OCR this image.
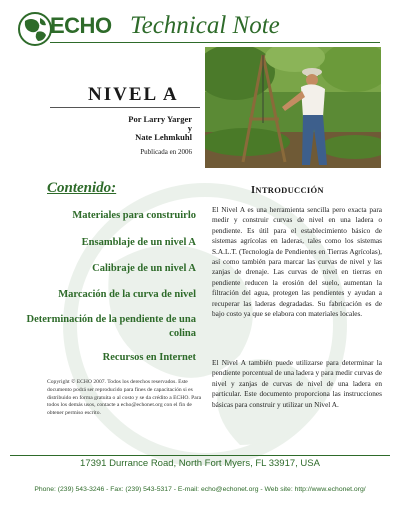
ECHO Technical Note
NIVEL A
Por Larry Yarger
y
Nate Lehmkuhl
Publicada en 2006
Contenido:
Materiales para construirlo
Ensamblaje de un nivel A
Calibraje de un nivel A
Marcación de la curva de nivel
Determinación de la pendiente de una
colina
Recursos en Internet
Copyright © ECHO 2007. Todos los derechos reservados. Este documento podrá ser reproducido para fines de capacitación si es distribuido en forma gratuita o al costo y se da crédito a ECHO. Para todos los demás usos, contacte a echo@echonet.org con el fin de obtener permiso escrito.
INTRODUCCIÓN
El Nivel A es una herramienta sencilla pero exacta para medir y construir curvas de nivel en una ladera o pendiente. Es útil para el establecimiento básico de sistemas agrícolas en laderas, tales como los sistemas S.A.L.T. (Tecnología de Pendientes en Tierras Agrícolas), así como también para marcar las curvas de nivel y las zanjas de drenaje. Las curvas de nivel en tierras en pendiente reducen la erosión del suelo, aumentan la filtración del agua, protegen las pendientes y ayudan a recuperar las laderas degradadas. Su fabricación es de bajo costo ya que se elabora con materiales locales.
El Nivel A también puede utilizarse para determinar la pendiente porcentual de una ladera y para medir curvas de nivel y zanjas de curvas de nivel de una ladera en particular. Este documento proporciona las instrucciones básicas para construir y utilizar un Nivel A.
17391 Durrance Road, North Fort Myers, FL 33917, USA
Phone: (239) 543-3246 - Fax: (239) 543-5317 - E-mail: echo@echonet.org - Web site: http://www.echonet.org/
